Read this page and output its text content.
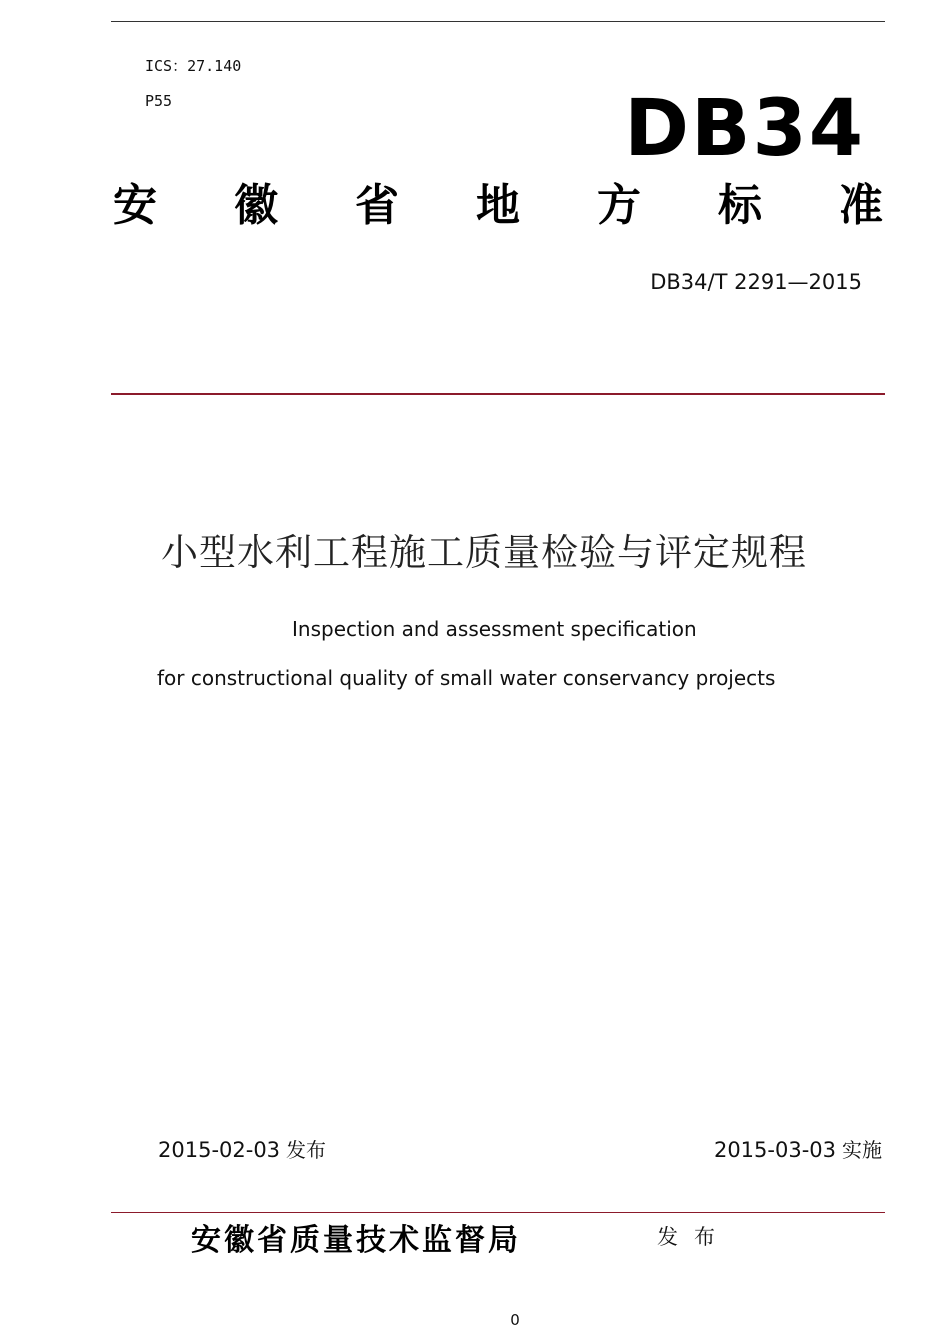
ICS：27.140
P55	DB34
安 徽 省 地 方 标 准
DB34/T 2291—2015
小型水利工程施工质量检验与评定规程
Inspection and assessment specification
for constructional quality of small water conservancy projects
2015-02-03 发布	2015-03-03 实施
安徽省质量技术监督局	发布
0
